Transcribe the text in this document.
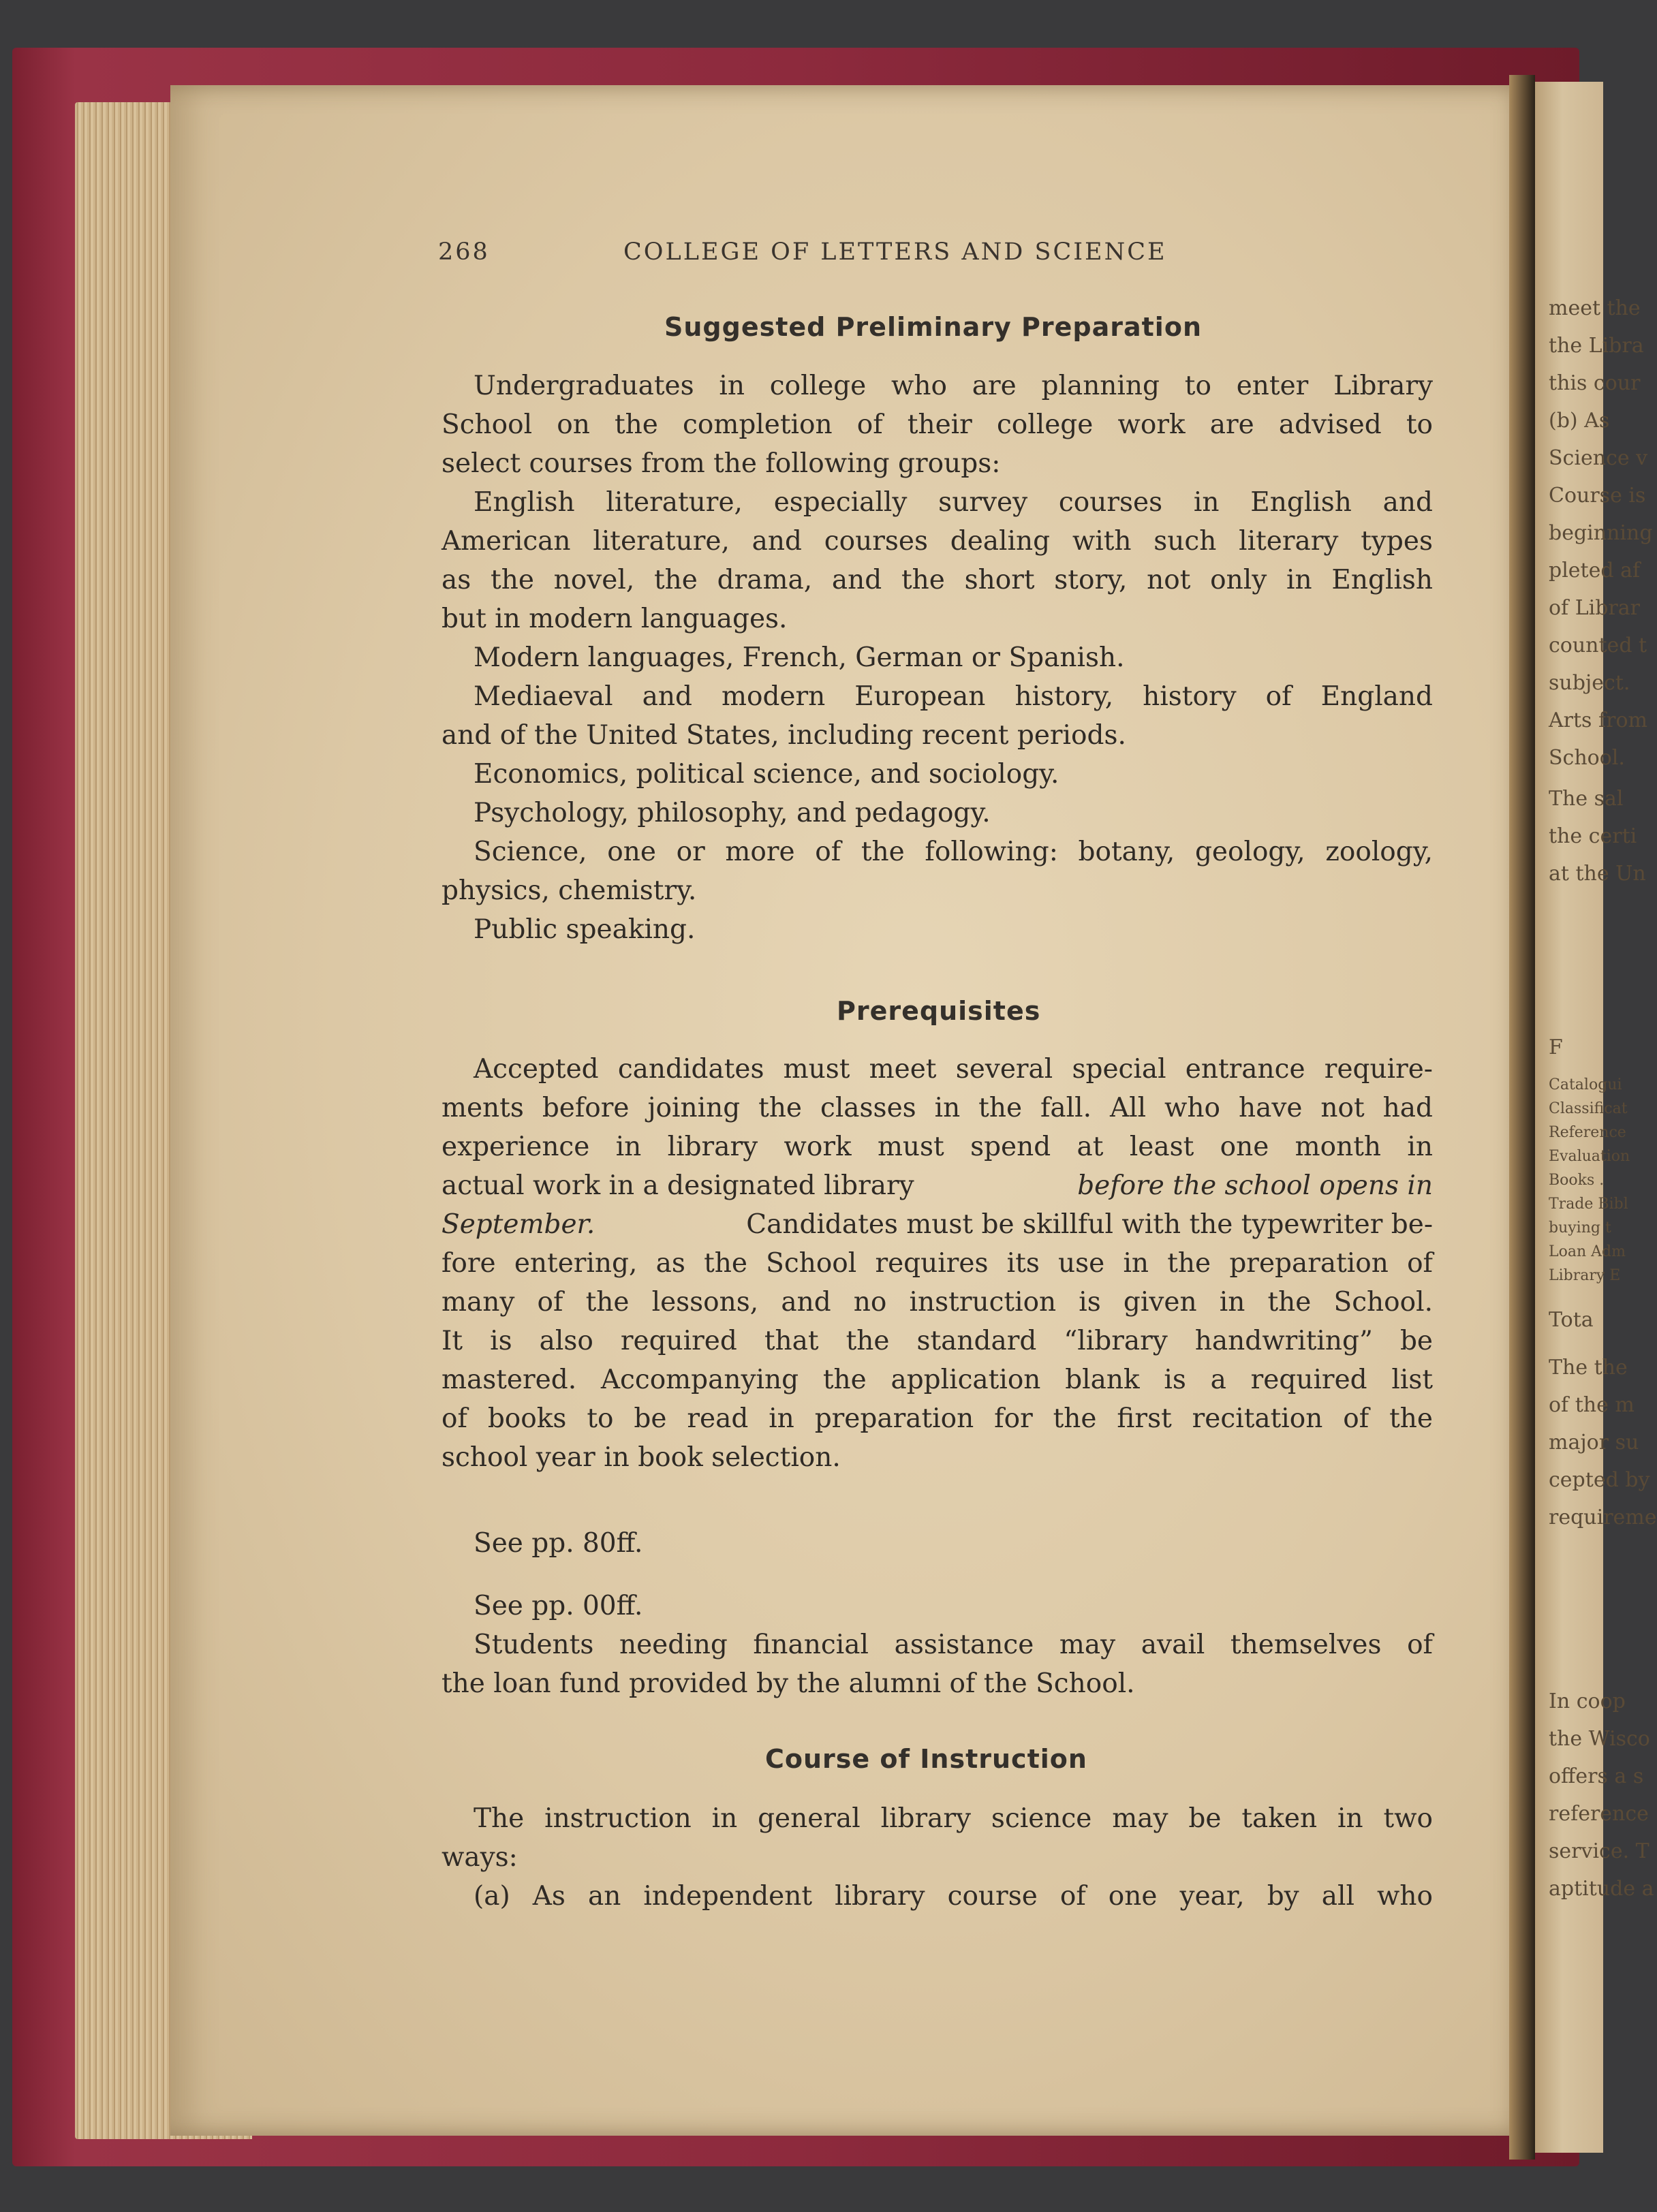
meet the
the Libra
this cour
(b) As
Science v
Course is
beginning
pleted af
of Librar
counted t
subject.
Arts from
School.
The sal
the certi
at the Un
F
Catalogui
Classificat
Reference
Evaluation
Books .
Trade Bibl
buying t
Loan Adm
Library E
Tota
The the
of the m
major su
cepted by
requireme
In coop
the Wisco
offers a s
reference
service. T
aptitude a
268	COLLEGE OF LETTERS AND SCIENCE
Suggested Preliminary Preparation
Undergraduates in college who are planning to enter Library
School on the completion of their college work are advised to
select courses from the following groups:
English literature, especially survey courses in English and
American literature, and courses dealing with such literary types
as the novel, the drama, and the short story, not only in English
but in modern languages.
Modern languages, French, German or Spanish.
Mediaeval and modern European history, history of England
and of the United States, including recent periods.
Economics, political science, and sociology.
Psychology, philosophy, and pedagogy.
Science, one or more of the following: botany, geology, zoology,
physics, chemistry.
Public speaking.
Prerequisites
Accepted candidates must meet several special entrance require-
ments before joining the classes in the fall. All who have not had
experience in library work must spend at least one month in
actual work in a designated library	before the school opens in
September.	Candidates must be skillful with the typewriter be-
fore entering, as the School requires its use in the preparation of
many of the lessons, and no instruction is given in the School.
It is also required that the standard “library handwriting” be
mastered. Accompanying the application blank is a required list
of books to be read in preparation for the first recitation of the
school year in book selection.
See pp. 80ff.
See pp. 00ff.
Students needing financial assistance may avail themselves of
the loan fund provided by the alumni of the School.
Course of Instruction
The instruction in general library science may be taken in two
ways:
(a) As an independent library course of one year, by all who
